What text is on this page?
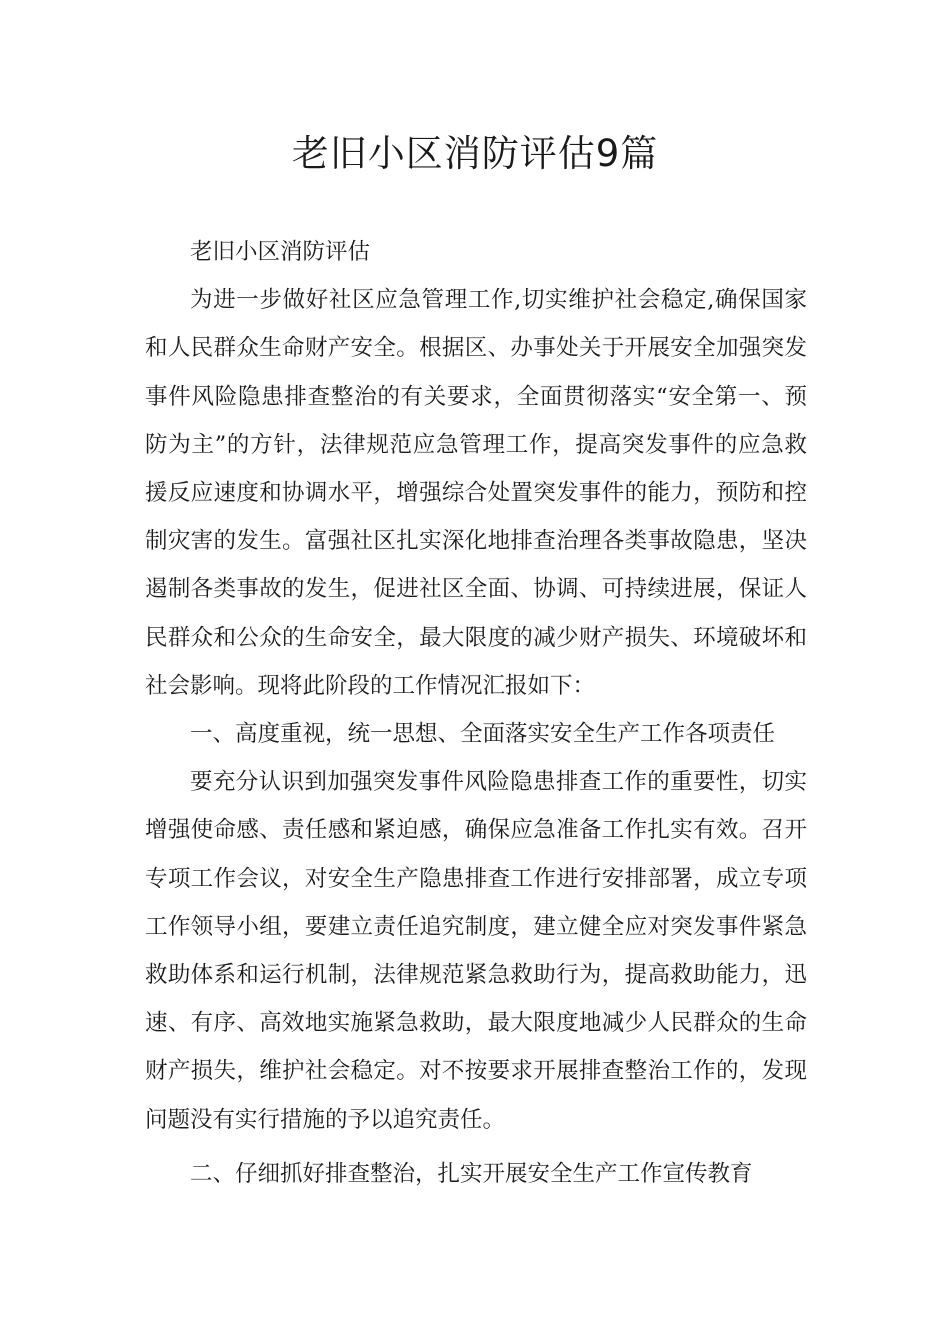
老旧小区消防评估9篇

老旧小区消防评估

为进一步做好社区应急管理工作,切实维护社会稳定,确保国家和人民群众生命财产安全。根据区、办事处关于开展安全加强突发事件风险隐患排查整治的有关要求，全面贯彻落实“安全第一、预防为主”的方针，法律规范应急管理工作，提高突发事件的应急救援反应速度和协调水平，增强综合处置突发事件的能力，预防和控制灾害的发生。富强社区扎实深化地排查治理各类事故隐患，坚决遏制各类事故的发生，促进社区全面、协调、可持续进展，保证人民群众和公众的生命安全，最大限度的减少财产损失、环境破坏和社会影响。现将此阶段的工作情况汇报如下：

一、高度重视，统一思想、全面落实安全生产工作各项责任

要充分认识到加强突发事件风险隐患排查工作的重要性，切实增强使命感、责任感和紧迫感，确保应急准备工作扎实有效。召开专项工作会议，对安全生产隐患排查工作进行安排部署，成立专项工作领导小组，要建立责任追究制度，建立健全应对突发事件紧急救助体系和运行机制，法律规范紧急救助行为，提高救助能力，迅速、有序、高效地实施紧急救助，最大限度地减少人民群众的生命财产损失，维护社会稳定。对不按要求开展排查整治工作的，发现问题没有实行措施的予以追究责任。

二、仔细抓好排查整治，扎实开展安全生产工作宣传教育
